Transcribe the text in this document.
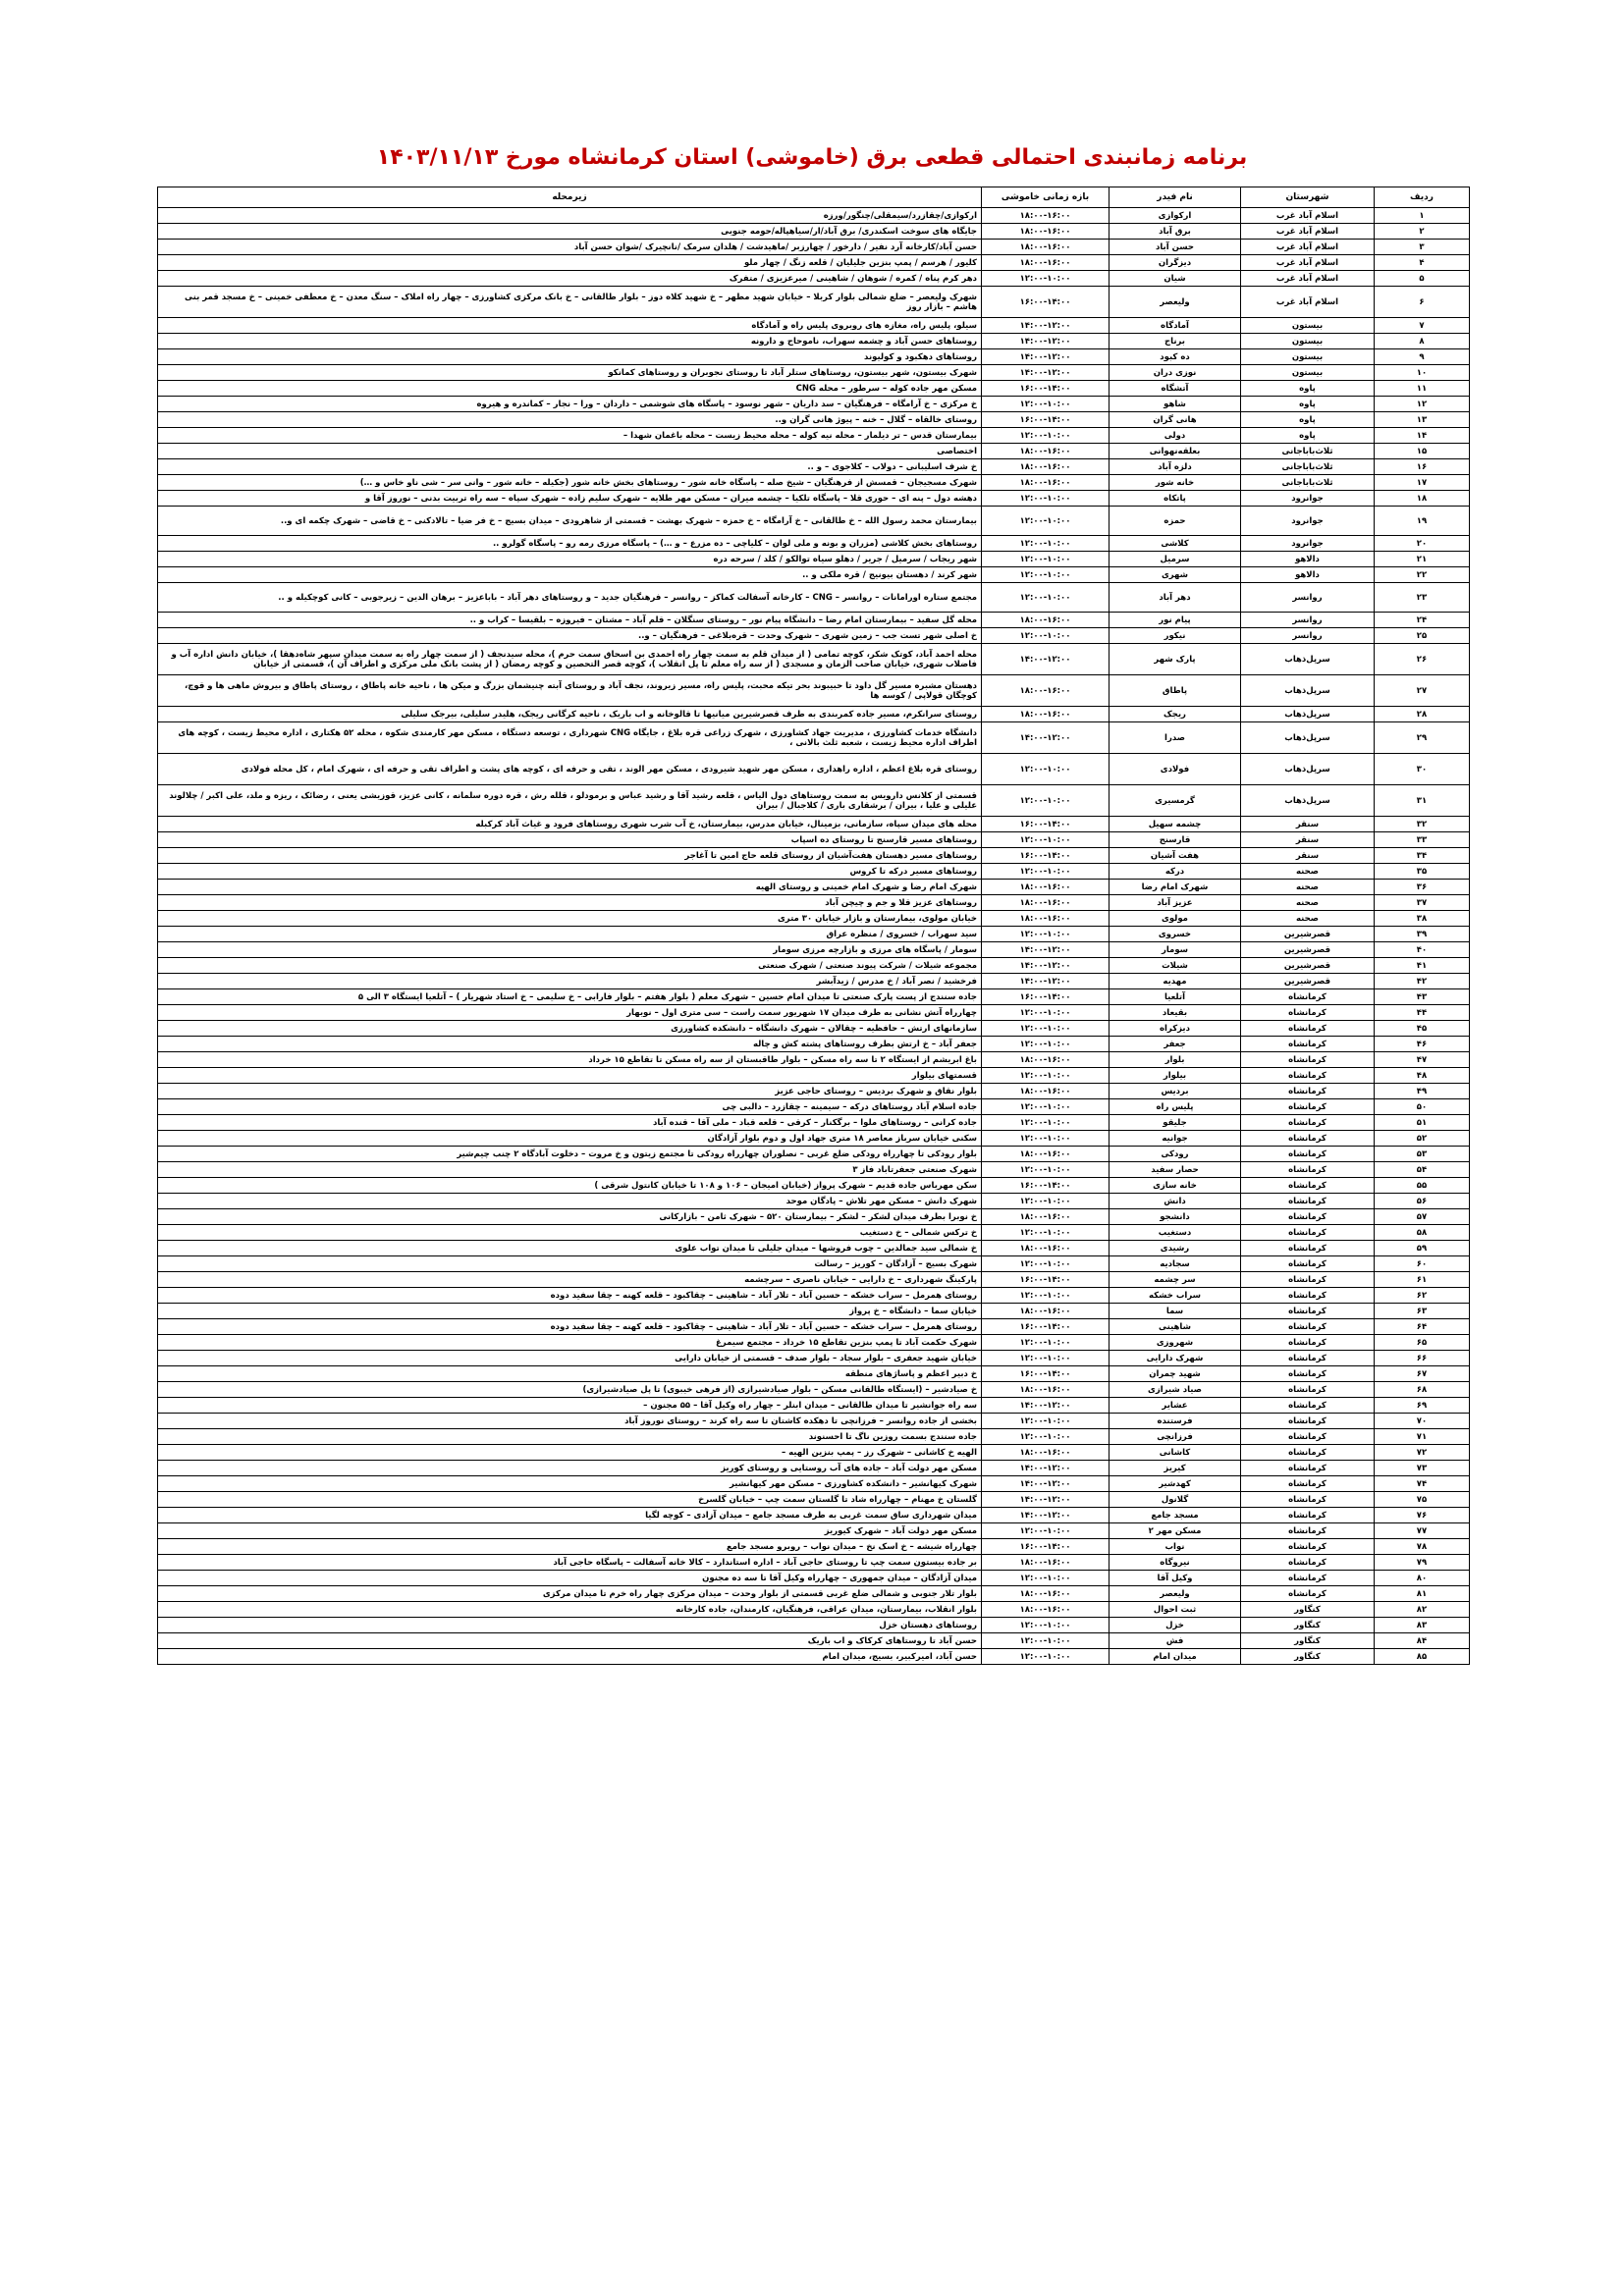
برنامه زمانبندی احتمالی قطعی برق (خاموشی) استان کرمانشاه مورخ ۱۴۰۳/۱۱/۱۳
ردیف	شهرستان	نام فیدر	بازه زمانی خاموشی	زیرمحله
۱	اسلام آباد غرب	ارکوازی	۱۸:۰۰-۱۶:۰۰	ارکوازی/چقازرد/سیمقلی/چنگور/ورزه
۲	اسلام آباد غرب	برق آباد	۱۸:۰۰-۱۶:۰۰	جایگاه های سوخت اسکندری/ برق آباد/ار/سیاهپاله/حومه جنوبی
۳	اسلام آباد غرب	حسن آباد	۱۸:۰۰-۱۶:۰۰	حسن آباد/کارخانه آرد نفیر / دارخور / چهارزبر /ماهیدشت / هلدان سرمک /نانچیرک /شوان حسن آباد
۴	اسلام آباد غرب	دیزگران	۱۸:۰۰-۱۶:۰۰	کلیور / هرسم / پمپ بنزین جلیلیان / قلعه زنگ / چهار ملو
۵	اسلام آباد غرب	شیان	۱۲:۰۰-۱۰:۰۰	دهر کرم پناه / کمره / شوهان / شاهینی / میرعزیزی / متفرک
۶	اسلام آباد غرب	ولیعصر	۱۶:۰۰-۱۴:۰۰	شهرک ولیعصر – ضلع شمالی بلوار کربلا – خیابان شهید مطهر – خ شهید کلاه دوز – بلوار طالقانی – خ بانک مرکزی کشاورزی – چهار راه املاک – سنگ معدن – خ معطفی خمینی – خ مسجد قمر بنی هاشم – بازار روز
۷	بیستون	آمادگاه	۱۴:۰۰-۱۲:۰۰	سیلو، پلیس راه، مغازه های روبروی پلیس راه و آمادگاه
۸	بیستون	برناج	۱۴:۰۰-۱۲:۰۰	روستاهای حسن آباد و چشمه سهراب، ناموحاج و دارونه
۹	بیستون	ده کبود	۱۴:۰۰-۱۲:۰۰	روستاهای دهکبود و کولیوند
۱۰	بیستون	نوزی دران	۱۴:۰۰-۱۲:۰۰	شهرک بیستون، شهر بیستون، روستاهای ستلر آباد تا روستای نجوبران و روستاهای کمانکو
۱۱	پاوه	آتشگاه	۱۶:۰۰-۱۴:۰۰	مسکن مهر جاده کوله – سرطور – محله CNG
۱۲	پاوه	شاهو	۱۲:۰۰-۱۰:۰۰	خ مرکزی – خ آرامگاه – فرهنگیان – سد داریان – شهر نوسود – پاسگاه های شوشمی – داردان – ورا – نجار – کماندره و هیروه
۱۳	پاوه	هانی گران	۱۶:۰۰-۱۴:۰۰	روستای خالقاه – گلال – خنه – پیوژ هانی گران و..
۱۴	پاوه	دولی	۱۲:۰۰-۱۰:۰۰	بیمارستان قدس – تر دیلمار – محله نیه کوله – محله محیط زیست – محله باغمان شهدا –
۱۵	ثلاث‌باباجانی	بعلقه‌نهوانی	۱۸:۰۰-۱۶:۰۰	اختصاصی
۱۶	ثلاث‌باباجانی	دلزه آباد	۱۸:۰۰-۱۶:۰۰	خ شرف اسلیبانی – دولاب – کلاجوی – و ..
۱۷	ثلاث‌باباجانی	خانه شور	۱۸:۰۰-۱۶:۰۰	شهرک مسجیجان – قمسش از فرهنگیان – شیخ صله – پاسگاه خانه شور – روستاهای بخش خانه شور (جکیله – خانه شور – وانی سر – شی ناو خاس و …)
۱۸	جوانرود	پاتکاه	۱۲:۰۰-۱۰:۰۰	دهشه دول – پنه ای – حوری قلا – پاسگاه تلکیا – چشمه میران – مسکن مهر طلایه – شهرک سلیم زاده – شهرک سپاه – سه راه تربیت بدنی – نوروز آقا و
۱۹	جوانرود	حمزه	۱۲:۰۰-۱۰:۰۰	بیمارستان محمد رسول الله – خ طالقانی – خ آرامگاه – خ حمزه – شهرک بهشت – قسمتی از شاهرودی – میدان بسیج – خ فر ضیا – تالادکنی – خ قاضی – شهرک چکمه ای و..
۲۰	جوانرود	کلاشی	۱۲:۰۰-۱۰:۰۰	روستاهای بخش کلاشی (مزران و بونه و ملی لوان – کلیاچی – ده مزرع – و …) – پاسگاه مرزی رمه رو – پاسگاه گولرو ..
۲۱	دالاهو	سرمیل	۱۲:۰۰-۱۰:۰۰	شهر ریجاب / سرمیل / جریر / دهلو سیاه توالکو / کلد / سرحه دره
۲۲	دالاهو	شهری	۱۲:۰۰-۱۰:۰۰	شهر کرند / دهستان بیونیج / قره ملکی و ..
۲۳	روانسر	دهر آباد	۱۲:۰۰-۱۰:۰۰	مجتمع ستاره اورامانات – روانسر – CNG – کارخانه آسفالت کماکز – روانسر – فرهنگیان جدید – و روستاهای دهر آباد – باباعزیز – برهان الدین – زیرجوبی – کانی کوچکیله و ..
۲۴	روانسر	پیام نور	۱۸:۰۰-۱۶:۰۰	محله گل سفید – بیمارستان امام رضا – دانشگاه پیام نور – روستای سنگلان – قلم آباد – مشتان – فیروزه – بلقیسا – کراب و ..
۲۵	روانسر	نیکور	۱۲:۰۰-۱۰:۰۰	خ اصلی شهر تست جب – زمین شهری – شهرک وحدت – قره‌بلاغی – فرهنگیان – و..
۲۶	سرپل‌ذهاب	پارک شهر	۱۴:۰۰-۱۲:۰۰	محله احمد آباد، کوتک شکر، کوچه تمامی ( از میدان قلم به سمت چهار راه احمدی بن اسحاق سمت حرم )، محله سیدنجف ( از سمت چهار راه به سمت میدان سپهر شاه‌دهقا )، خیابان دانش اداره آب و فاضلاب شهری، خیابان صاحب الزمان و مسجدی ( از سه راه معلم تا پل انقلاب )، کوچه قصر التحصین و کوچه رمضان ( از پشت بانک ملی مرکزی و اطراف آن )، قسمتی از خیابان
۲۷	سرپل‌ذهاب	پاطاق	۱۸:۰۰-۱۶:۰۰	دهستان مشبره مسیر گل داود تا حبیبوند بحر تیکه محبت، پلیس راه، مسیر زیروند، نجف آباد و روستای آبته چنیشمان بزرگ و میکن ها ، ناحیه خانه پاطاق ، روستای پاطاق و بیروش ماهی ها و قوچ، کوچگان قولاپی / کوسه ها
۲۸	سرپل‌ذهاب	ریجک	۱۸:۰۰-۱۶:۰۰	روستای سرانکرم، مسیر جاده کمربندی به طرف قصرشیرین میانیها تا قالوخانه و اب باریک ، ناحیه کرگانی ریجک، هلیدر سلیلی، بیرجک سلیلی
۲۹	سرپل‌ذهاب	صدرا	۱۴:۰۰-۱۲:۰۰	دانشگاه خدمات کشاورزی ، مدیریت جهاد کشاورزی ، شهرک زراعی قره بلاغ ، جایگاه CNG شهرداری ، توسعه دستگاه ، مسکن مهر کارمندی شکوه ، محله ۵۲ هکتاری ، اداره محیط زیست ، کوچه های اطراف اداره محیط زیست ، شعبه ثلث بالانی ،
۳۰	سرپل‌ذهاب	فولادی	۱۲:۰۰-۱۰:۰۰	روستای قره بلاغ اعظم ، اداره راهداری ، مسکن مهر شهید شیرودی ، مسکن مهر الوند ، تقی و حرفه ای ، کوچه های پشت و اطراف تقی و حرفه ای ، شهرک امام ، کل محله فولادی
۳۱	سرپل‌ذهاب	گرمسیری	۱۲:۰۰-۱۰:۰۰	قسمتی از کلانس دارویس به سمت روستاهای دول الیاس ، قلعه رشید آقا و رشید عباس و برمودلو ، قلله رش ، قره دوره سلمانه ، کانی عزیز، قوزیشی یعنی ، رضائک ، ریزه و ملد، علی اکبر / چلالوند علیلی و علیا ، بیران / برشقاری باری / کلاجبال / بیران
۳۲	سنقر	چشمه سهیل	۱۶:۰۰-۱۴:۰۰	محله های میدان سپاه، سازمانی، بزمینال، خیابان مدرس، بیمارستان، خ آب شرب شهری روستاهای فرود و غیاث آباد کرکبله
۳۳	سنقر	قارسنج	۱۲:۰۰-۱۰:۰۰	روستاهای مسیر قارسنج تا روستای ده اسپاب
۳۴	سنقر	هفت آشیان	۱۶:۰۰-۱۴:۰۰	روستاهای مسیر دهستان هفت‌آشیان از روستای قلعه حاج امین تا آغاجر
۳۵	صحنه	درکه	۱۲:۰۰-۱۰:۰۰	روستاهای مسیر درکه تا کروس
۳۶	صحنه	شهرک امام رضا	۱۸:۰۰-۱۶:۰۰	شهرک امام رضا و شهرک امام خمینی و روستای الهیه
۳۷	صحنه	عزیز آباد	۱۸:۰۰-۱۶:۰۰	روستاهای عزیز قلا و جم و چیچن آباد
۳۸	صحنه	مولوی	۱۸:۰۰-۱۶:۰۰	خیابان مولوی، بیمارستان و بازار خیابان ۳۰ متری
۳۹	قصرشیرین	خسروی	۱۲:۰۰-۱۰:۰۰	سید سهراب / خسروی / منظره عراق
۴۰	قصرشیرین	سومار	۱۴:۰۰-۱۲:۰۰	سومار / پاسگاه های مرزی و بازارچه مرزی سومار
۴۱	قصرشیرین	شیلات	۱۴:۰۰-۱۲:۰۰	مجموعه شیلات / شرکت پیوند صنعتی / شهرک صنعتی
۴۲	قصرشیرین	مهدیه	۱۴:۰۰-۱۲:۰۰	فرخشید / نصر آباد / خ مدرس / زیدآبشر
۴۳	کرمانشاه	آتلعیا	۱۶:۰۰-۱۴:۰۰	جاده سنندج از پست پارک صنعتی تا میدان امام حسین – شهرک معلم ( بلوار هفتم – بلوار فارابی – خ سلیمی – خ استاد شهریار ) – آتلعیا ایستگاه ۳ الی ۵
۴۴	کرمانشاه	بقیعاد	۱۲:۰۰-۱۰:۰۰	چهارراه آتش نشانی به طرف میدان ۱۷ شهریور سمت راست – سی متری اول – نوبهار
۴۵	کرمانشاه	دیزکراه	۱۲:۰۰-۱۰:۰۰	سازمانهای ارتش – حافظیه – چقالان – شهرک دانشگاه – دانشکده کشاورزی
۴۶	کرمانشاه	جعفر	۱۲:۰۰-۱۰:۰۰	جعفر آباد – خ ارتش بطرف روستاهای پشته کش و چاله
۴۷	کرمانشاه	بلوار	۱۸:۰۰-۱۶:۰۰	باغ ابریشم از ایستگاه ۲ تا سه راه مسکن – بلوار طاقبستان از سه راه مسکن تا تقاطع ۱۵ خرداد
۴۸	کرمانشاه	بیلوار	۱۲:۰۰-۱۰:۰۰	قسمتهای بیلوار
۴۹	کرمانشاه	بردیس	۱۸:۰۰-۱۶:۰۰	بلوار نقاق و شهرک بردیس – روستای حاجی عزیز
۵۰	کرمانشاه	پلیس راه	۱۲:۰۰-۱۰:۰۰	جاده اسلام آباد روستاهای درکه – سیمینه – چقازرد – دالبی چی
۵۱	کرمانشاه	جلیقو	۱۲:۰۰-۱۰:۰۰	جاده کرانی – روستاهای ملوا – برگکنار – کرقی – قلعه قباد – ملی آقا – قنده آباد
۵۲	کرمانشاه	جوانیه	۱۲:۰۰-۱۰:۰۰	سکنی خیابان سرباز معاصر ۱۸ متری جهاد اول و دوم بلوار آزادگان
۵۳	کرمانشاه	رودکی	۱۸:۰۰-۱۶:۰۰	بلوار رودکی تا چهارراه رودکی ضلع غربی – نصلوران چهارراه رودکی تا مجتمع زیتون و خ مروت – دخلوت آبادگاه ۲ چنب چیم‌شیر
۵۴	کرمانشاه	حصار سفید	۱۲:۰۰-۱۰:۰۰	شهرک صنعتی جعفرتاباد فاز ۳
۵۵	کرمانشاه	خانه سازی	۱۶:۰۰-۱۴:۰۰	سکن مهریاس جاده قدیم – شهرک پرواز (خیابان امیجان – ۱۰۶ و ۱۰۸ تا خیابان کانتول شرقی )
۵۶	کرمانشاه	دانش	۱۲:۰۰-۱۰:۰۰	شهرک دانش – مسکن مهر تلاش – پادگان موحد
۵۷	کرمانشاه	دانشجو	۱۸:۰۰-۱۶:۰۰	خ نوبرا بطرف میدان لشکر – لشکر – بیمارستان ۵۲۰ – شهرک ثامن – بازارکانی
۵۸	کرمانشاه	دستغیب	۱۲:۰۰-۱۰:۰۰	خ ترکس شمالی – خ دستغیب
۵۹	کرمانشاه	رشیدی	۱۸:۰۰-۱۶:۰۰	خ شمالی سید جمالدین – چوب فروشها – میدان جلیلی تا میدان تواب علوی
۶۰	کرمانشاه	سجادیه	۱۲:۰۰-۱۰:۰۰	شهرک بسیج – آزادگان – کوریز – رسالت
۶۱	کرمانشاه	سر چشمه	۱۶:۰۰-۱۴:۰۰	پارکینگ شهرداری – خ دارایی – خیابان ناصری – سرچشمه
۶۲	کرمانشاه	سراب خشکه	۱۲:۰۰-۱۰:۰۰	روستای همرمل – سراب خشکه – حسین آباد – تلار آباد – شاهینی – چقاکبود – قلعه کهنه – چقا سفید دوده
۶۳	کرمانشاه	سما	۱۸:۰۰-۱۶:۰۰	خیابان سما – دانشگاه – خ پرواز
۶۴	کرمانشاه	شاهینی	۱۶:۰۰-۱۴:۰۰	روستای همرمل – سراب خشکه – حسین آباد – تلار آباد – شاهینی – چقاکبود – قلعه کهنه – چقا سفید دوده
۶۵	کرمانشاه	شهروزی	۱۲:۰۰-۱۰:۰۰	شهرک حکمت آباد تا پمپ بنزین تقاطع ۱۵ خرداد – مجتمع سیمرغ
۶۶	کرمانشاه	شهرک دارایی	۱۲:۰۰-۱۰:۰۰	خیابان شهید جعفری – بلوار سجاد – بلوار صدف – قسمتی از خیابان دارایی
۶۷	کرمانشاه	شهید چمران	۱۶:۰۰-۱۴:۰۰	خ دبیر اعظم و پاساژهای منطقه
۶۸	کرمانشاه	صیاد شیرازی	۱۸:۰۰-۱۶:۰۰	خ صیادشیر – (ایستگاه طالقانی مسکن – بلوار صیادشیرازی (از فرهی خیبوی) تا پل صیادشیرازی)
۶۹	کرمانشاه	عشایر	۱۴:۰۰-۱۲:۰۰	سه راه جوانشیر تا میدان طالقانی – میدان ابنلر – چهار راه وکیل آقا – ۵۵ مجنون –
۷۰	کرمانشاه	فرستنده	۱۲:۰۰-۱۰:۰۰	بخشی از جاده روانسر – فرزانچی تا دهکده کاشتان تا سه راه کرند – روستای نوروز آباد
۷۱	کرمانشاه	فرزانچی	۱۲:۰۰-۱۰:۰۰	جاده سنندج بسمت روزین ناگ تا احسنوند
۷۲	کرمانشاه	کاشانی	۱۸:۰۰-۱۶:۰۰	الهیه خ کاشانی – شهرک رز – پمپ بنزین الهیه –
۷۳	کرمانشاه	کیریز	۱۴:۰۰-۱۲:۰۰	مسکن مهر دولت آباد – جاده های آب روستایی و روستای کوریز
۷۴	کرمانشاه	کهدشیر	۱۴:۰۰-۱۲:۰۰	شهرک کیهانشیر – دانشکده کشاورزی – مسکن مهر کیهانشیر
۷۵	کرمانشاه	گلانول	۱۴:۰۰-۱۲:۰۰	گلستان خ مهنام – چهارراه شاد تا گلستان سمت چپ – خیابان گلسرخ
۷۶	کرمانشاه	مسجد جامع	۱۴:۰۰-۱۲:۰۰	میدان شهرداری ساق سمت غربی به طرف مسجد جامع – میدان آزادی – کوچه لگیا
۷۷	کرمانشاه	مسکن مهر ۲	۱۲:۰۰-۱۰:۰۰	مسکن مهر دولت آباد – شهرک کیوریز
۷۸	کرمانشاه	نواب	۱۶:۰۰-۱۴:۰۰	چهارراه شیشه – خ اسک نخ – میدان نواب – روبرو مسجد جامع
۷۹	کرمانشاه	نیروگاه	۱۸:۰۰-۱۶:۰۰	بر جاده بیستون سمت چپ تا روستای حاجی آباد – اداره استاندارد – کالا خانه آسفالت – پاسگاه حاجی آباد
۸۰	کرمانشاه	وکیل آقا	۱۲:۰۰-۱۰:۰۰	میدان آزادگان – میدان جمهوری – چهارراه وکیل آقا تا سه ده مجنون
۸۱	کرمانشاه	ولیعصر	۱۸:۰۰-۱۶:۰۰	بلوار تلار جنوبی و شمالی ضلع غربی قسمتی از بلوار وحدت – میدان مرکزی چهار راه خرم تا میدان مرکزی
۸۲	کنگاور	ثبت احوال	۱۸:۰۰-۱۶:۰۰	بلوار انقلاب، بیمارستان، میدان عراقی، فرهنگیان، کارمندان، جاده کارخانه
۸۳	کنگاور	خزل	۱۲:۰۰-۱۰:۰۰	روستاهای دهستان خزل
۸۴	کنگاور	فش	۱۲:۰۰-۱۰:۰۰	حسن آباد تا روستاهای کرکاک و اب باریک
۸۵	کنگاور	میدان امام	۱۲:۰۰-۱۰:۰۰	حسن آباد، امیرکبیر، بسیج، میدان امام
